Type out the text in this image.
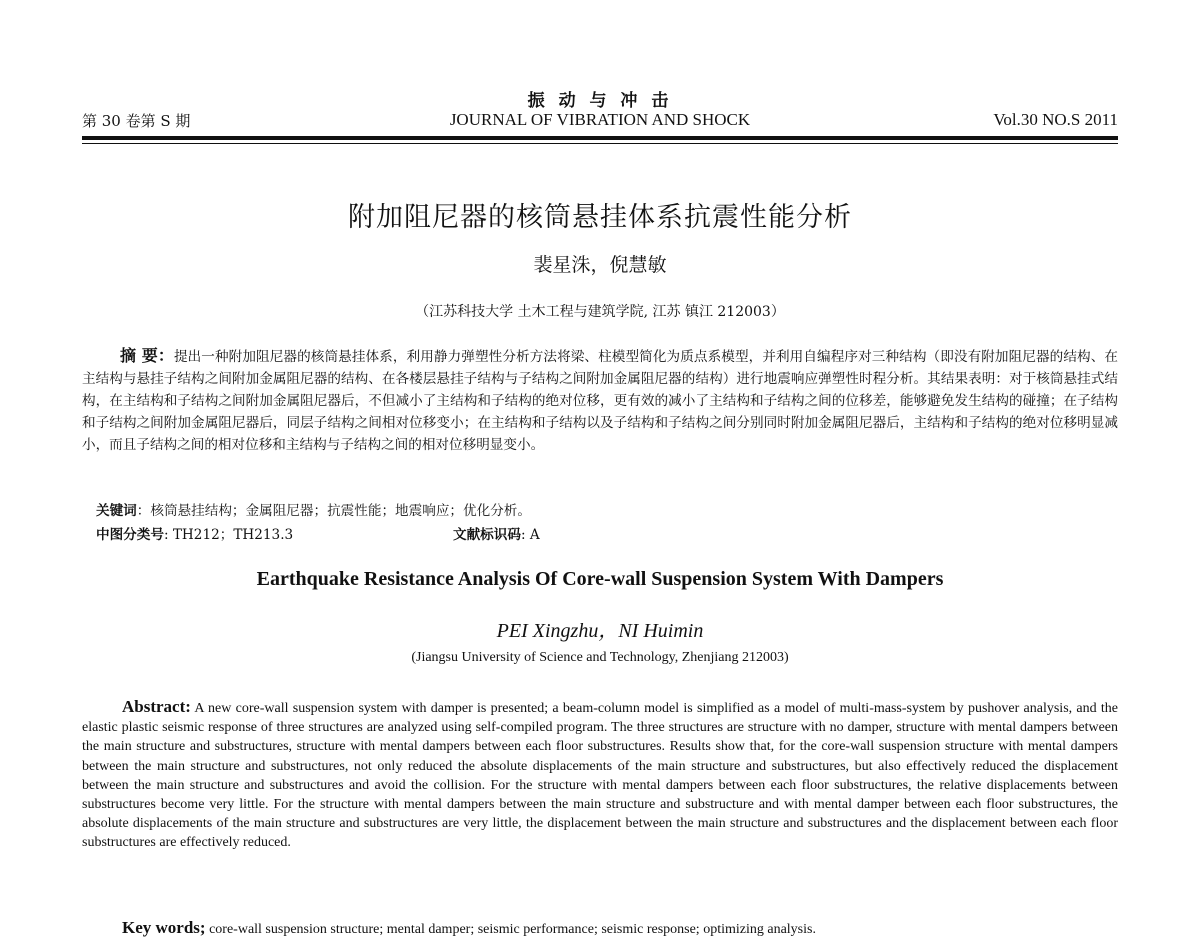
振 动 与 冲 击
第 30 卷第 S 期	JOURNAL OF VIBRATION AND SHOCK	Vol.30 NO.S 2011
附加阻尼器的核筒悬挂体系抗震性能分析
裴星洙，倪慧敏
（江苏科技大学 土木工程与建筑学院, 江苏 镇江 212003）
摘 要：提出一种附加阻尼器的核筒悬挂体系，利用静力弹塑性分析方法将梁、柱模型简化为质点系模型，并利用自编程序对三种结构（即没有附加阻尼器的结构、在主结构与悬挂子结构之间附加金属阻尼器的结构、在各楼层悬挂子结构与子结构之间附加金属阻尼器的结构）进行地震响应弹塑性时程分析。其结果表明：对于核筒悬挂式结构，在主结构和子结构之间附加金属阻尼器后，不但减小了主结构和子结构的绝对位移，更有效的减小了主结构和子结构之间的位移差，能够避免发生结构的碰撞；在子结构和子结构之间附加金属阻尼器后，同层子结构之间相对位移变小；在主结构和子结构以及子结构和子结构之间分别同时附加金属阻尼器后，主结构和子结构的绝对位移明显减小，而且子结构之间的相对位移和主结构与子结构之间的相对位移明显变小。
关键词：核筒悬挂结构；金属阻尼器；抗震性能；地震响应；优化分析。
中图分类号: TH212；TH213.3	文献标识码: A
Earthquake Resistance Analysis Of Core-wall Suspension System With Dampers
PEI Xingzhu，NI Huimin
(Jiangsu University of Science and Technology, Zhenjiang 212003)
Abstract: A new core-wall suspension system with damper is presented; a beam-column model is simplified as a model of multi-mass-system by pushover analysis, and the elastic plastic seismic response of three structures are analyzed using self-compiled program. The three structures are structure with no damper, structure with mental dampers between the main structure and substructures, structure with mental dampers between each floor substructures. Results show that, for the core-wall suspension structure with mental dampers between the main structure and substructures, not only reduced the absolute displacements of the main structure and substructures, but also effectively reduced the displacement between the main structure and substructures and avoid the collision. For the structure with mental dampers between each floor substructures, the relative displacements between substructures become very little. For the structure with mental dampers between the main structure and substructure and with mental damper between each floor substructures, the absolute displacements of the main structure and substructures are very little, the displacement between the main structure and substructures and the displacement between each floor substructures are effectively reduced.
Key words; core-wall suspension structure; mental damper; seismic performance; seismic response; optimizing analysis.
